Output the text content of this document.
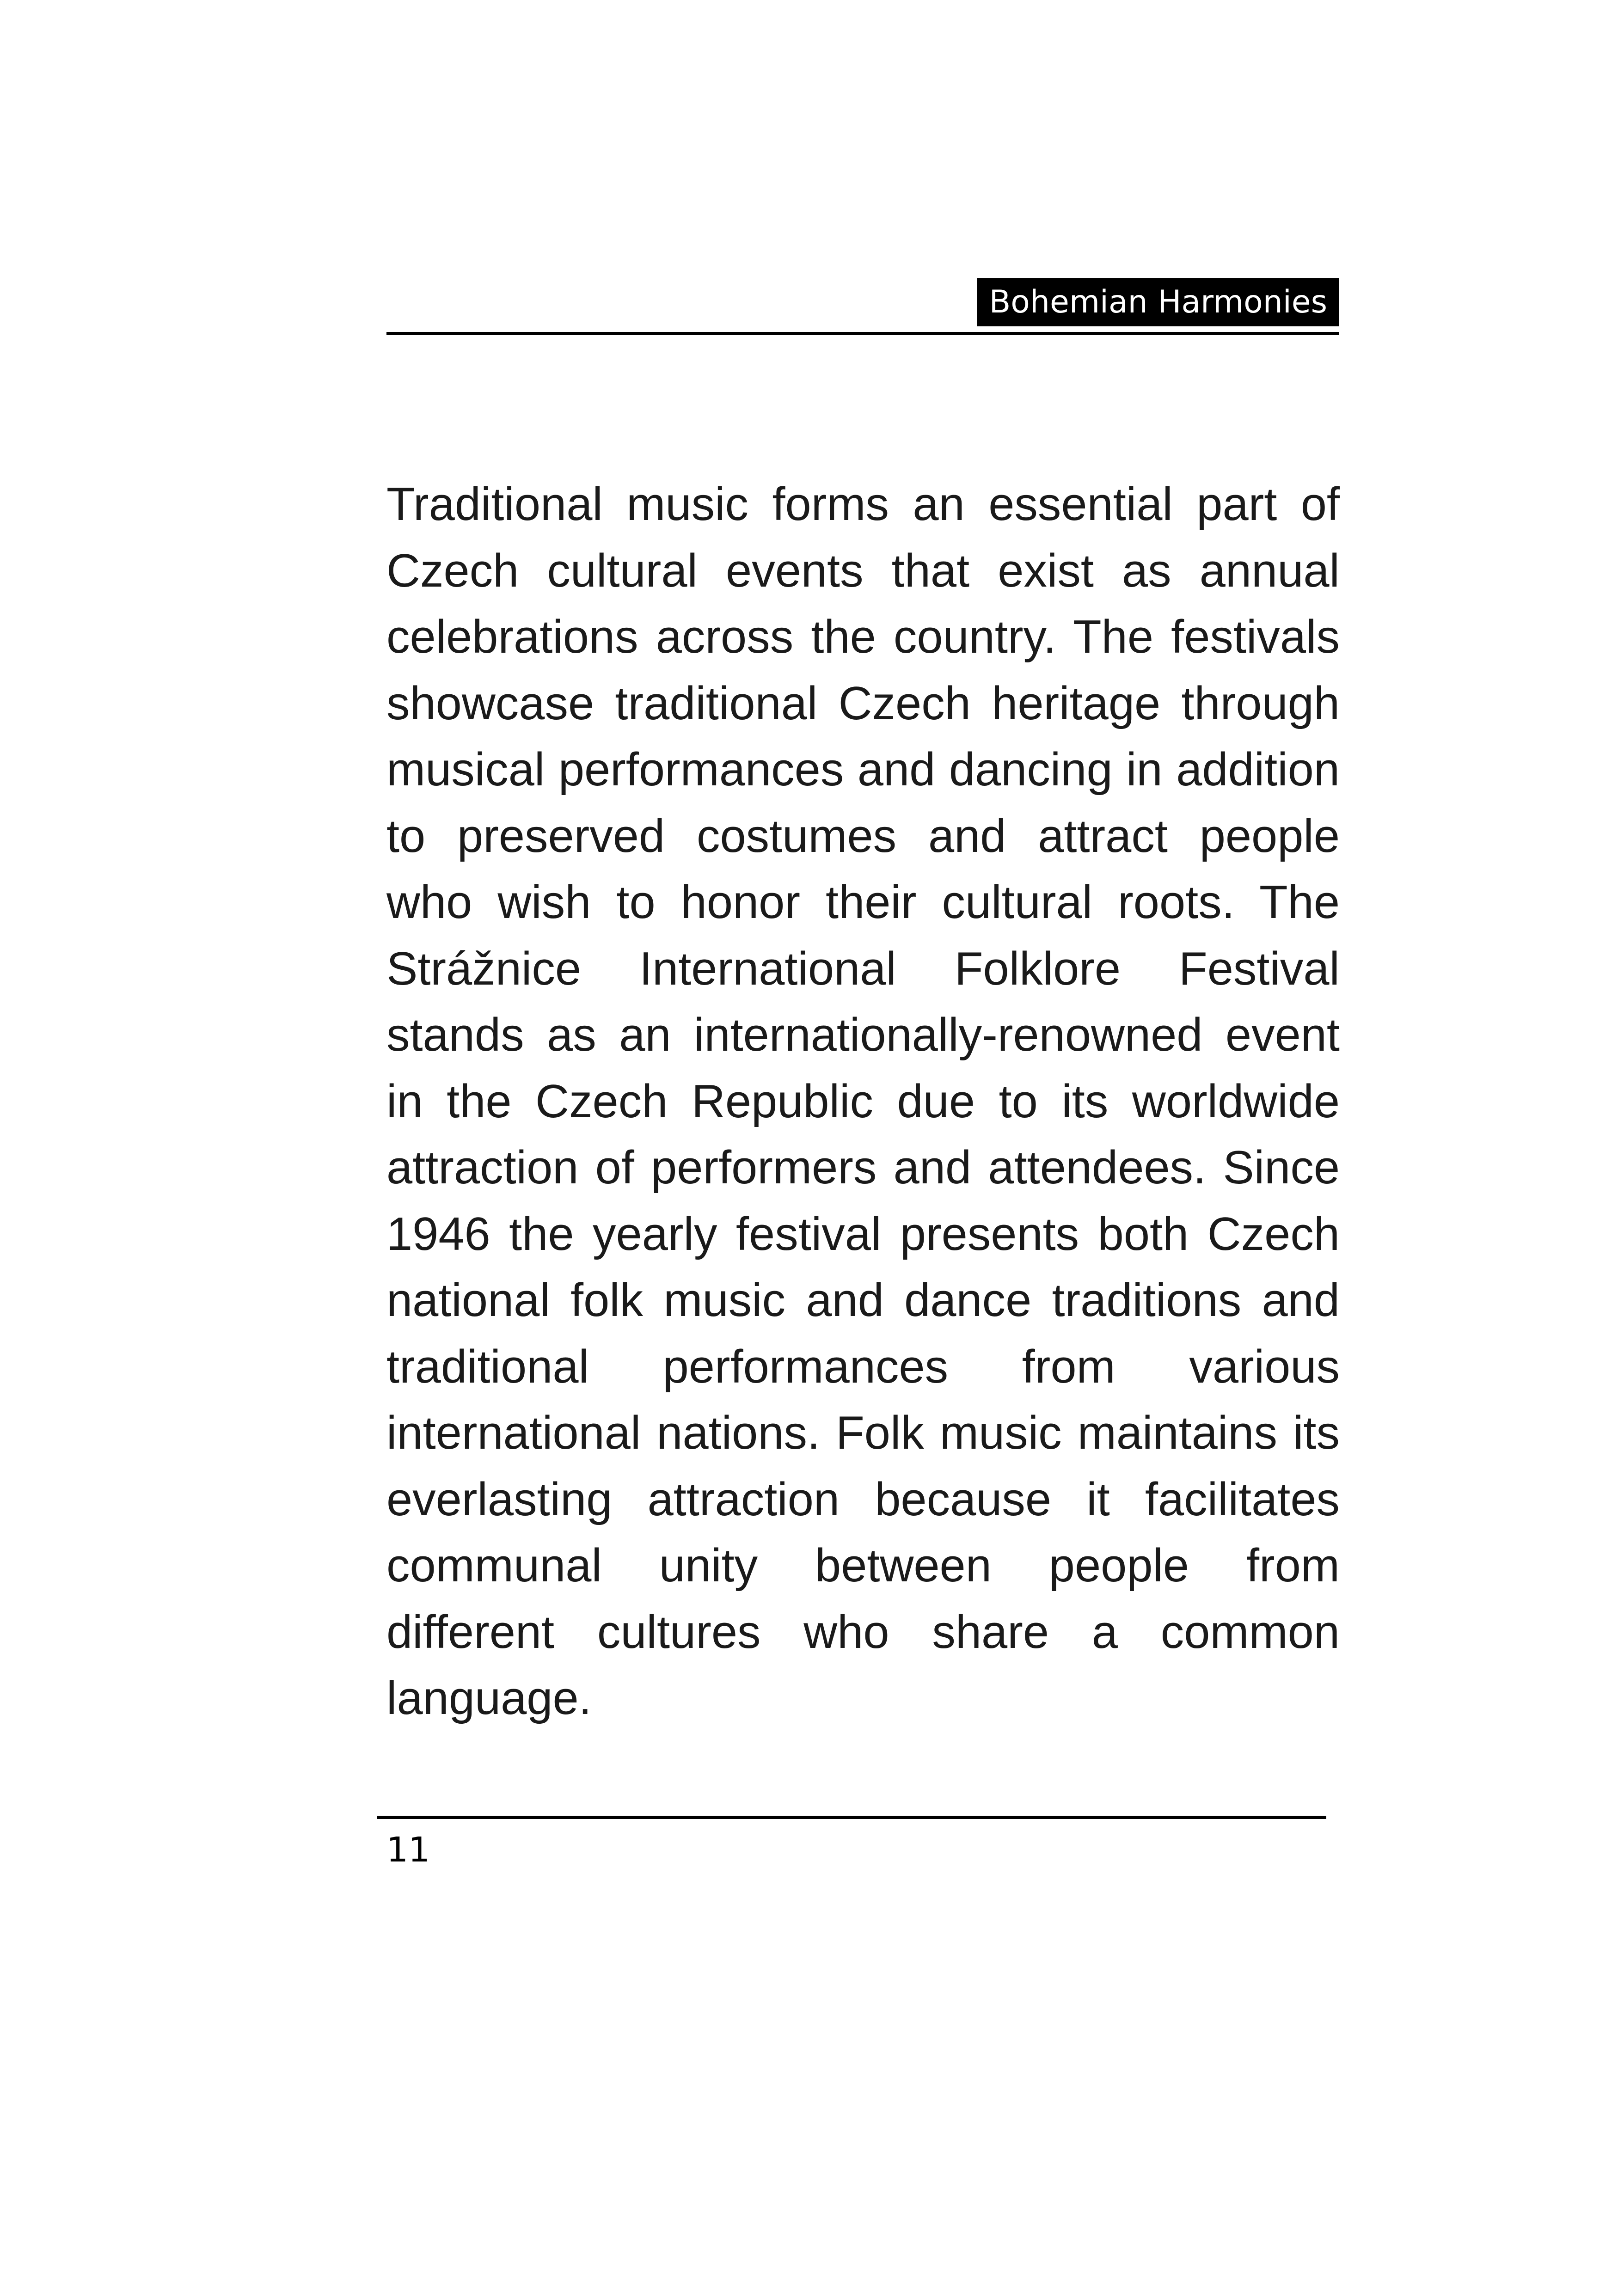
Bohemian Harmonies

Traditional music forms an essential part of Czech cultural events that exist as annual celebrations across the country. The festivals showcase traditional Czech heritage through musical performances and dancing in addition to preserved costumes and attract people who wish to honor their cultural roots. The Strážnice International Folklore Festival stands as an internationally-renowned event in the Czech Republic due to its worldwide attraction of performers and attendees. Since 1946 the yearly festival presents both Czech national folk music and dance traditions and traditional performances from various international nations. Folk music maintains its everlasting attraction because it facilitates communal unity between people from different cultures who share a common language.

11
